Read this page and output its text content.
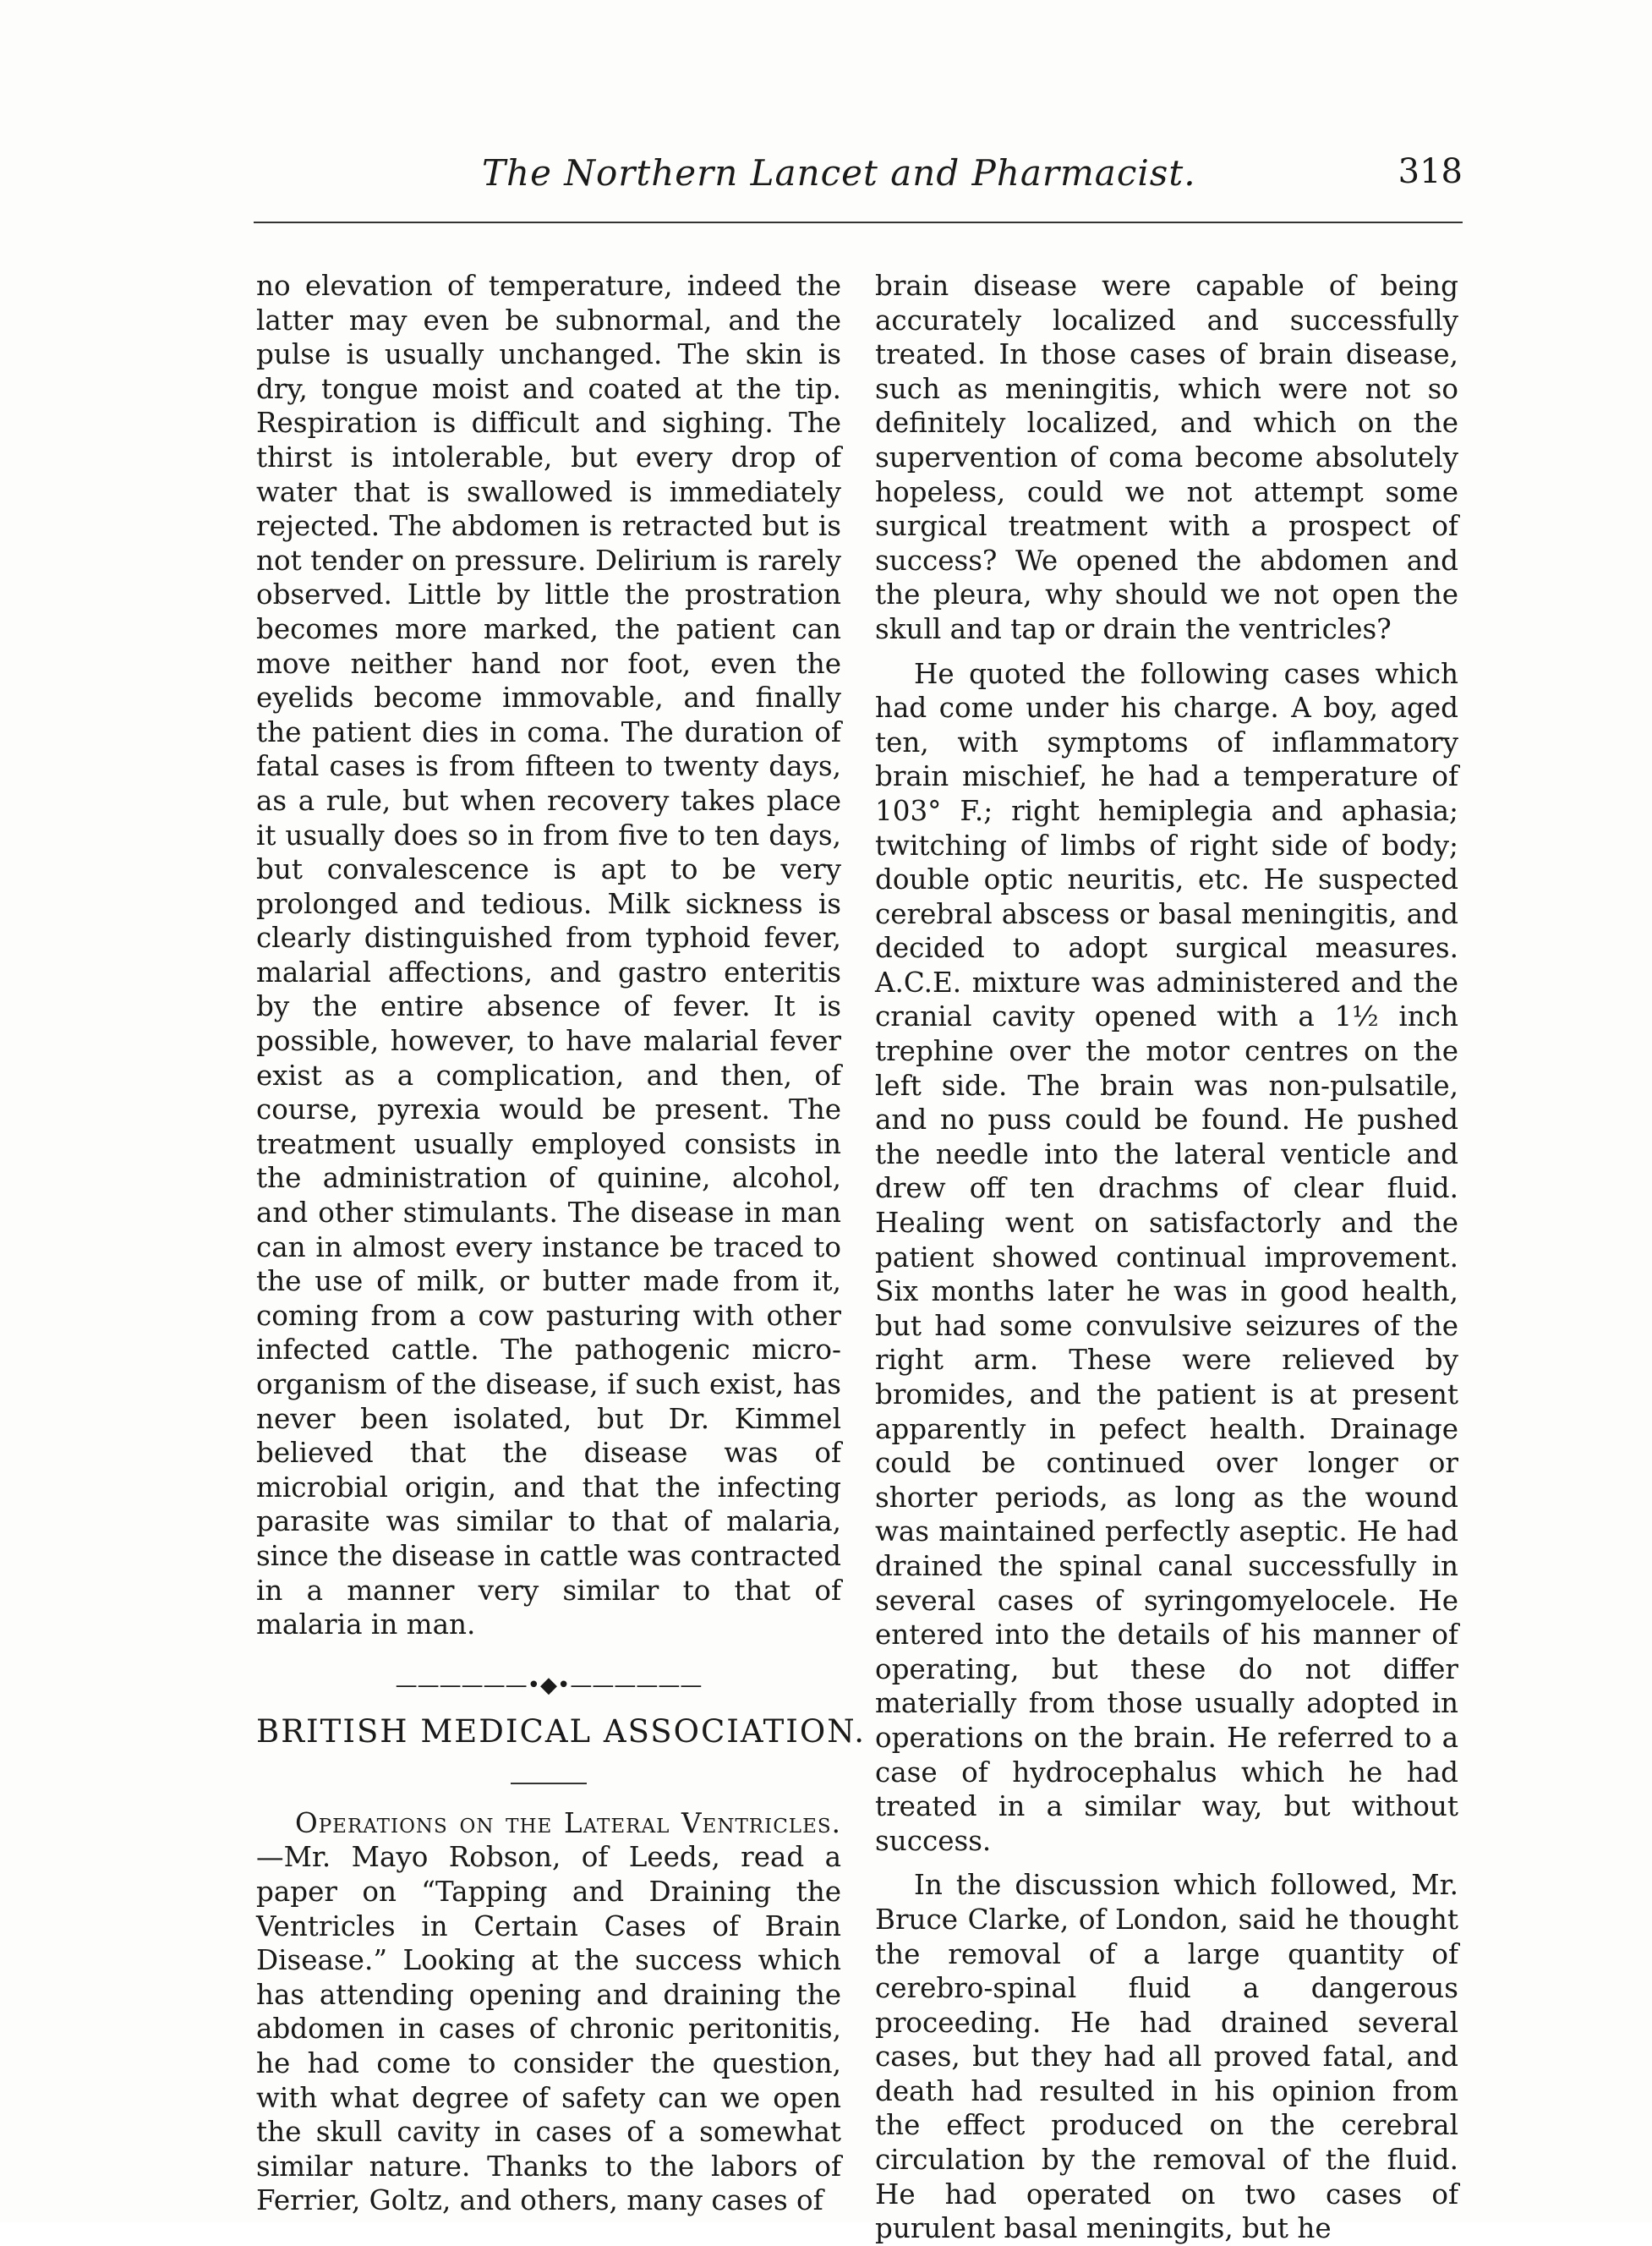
The Northern Lancet and Pharmacist.	318

no elevation of temperature, indeed the latter may even be subnormal, and the pulse is usually unchanged. The skin is dry, tongue moist and coated at the tip. Respiration is difficult and sighing. The thirst is intolerable, but every drop of water that is swallowed is immediately rejected. The abdomen is retracted but is not tender on pressure. Delirium is rarely observed. Little by little the prostration becomes more marked, the patient can move neither hand nor foot, even the eyelids become immovable, and finally the patient dies in coma. The duration of fatal cases is from fifteen to twenty days, as a rule, but when recovery takes place it usually does so in from five to ten days, but convalescence is apt to be very prolonged and tedious. Milk sickness is clearly distinguished from typhoid fever, malarial affections, and gastro enteritis by the entire absence of fever. It is possible, however, to have malarial fever exist as a complication, and then, of course, pyrexia would be present. The treatment usually employed consists in the administration of quinine, alcohol, and other stimulants. The disease in man can in almost every instance be traced to the use of milk, or butter made from it, coming from a cow pasturing with other infected cattle. The pathogenic micro-organism of the disease, if such exist, has never been isolated, but Dr. Kimmel believed that the disease was of microbial origin, and that the infecting parasite was similar to that of malaria, since the disease in cattle was contracted in a manner very similar to that of malaria in man.

——————•◆•——————
BRITISH MEDICAL ASSOCIATION.

Operations on the Lateral Ventricles.—Mr. Mayo Robson, of Leeds, read a paper on “Tapping and Draining the Ventricles in Certain Cases of Brain Disease.” Looking at the success which has attending opening and draining the abdomen in cases of chronic peritonitis, he had come to consider the question, with what degree of safety can we open the skull cavity in cases of a somewhat similar nature. Thanks to the labors of Ferrier, Goltz, and others, many cases of

brain disease were capable of being accurately localized and successfully treated. In those cases of brain disease, such as meningitis, which were not so definitely localized, and which on the supervention of coma become absolutely hopeless, could we not attempt some surgical treatment with a prospect of success? We opened the abdomen and the pleura, why should we not open the skull and tap or drain the ventricles?

He quoted the following cases which had come under his charge. A boy, aged ten, with symptoms of inflammatory brain mischief, he had a temperature of 103° F.; right hemiplegia and aphasia; twitching of limbs of right side of body; double optic neuritis, etc. He suspected cerebral abscess or basal meningitis, and decided to adopt surgical measures. A.C.E. mixture was administered and the cranial cavity opened with a 1½ inch trephine over the motor centres on the left side. The brain was non-pulsatile, and no puss could be found. He pushed the needle into the lateral venticle and drew off ten drachms of clear fluid. Healing went on satisfactorly and the patient showed continual improvement. Six months later he was in good health, but had some convulsive seizures of the right arm. These were relieved by bromides, and the patient is at present apparently in pefect health. Drainage could be continued over longer or shorter periods, as long as the wound was maintained perfectly aseptic. He had drained the spinal canal successfully in several cases of syringomyelocele. He entered into the details of his manner of operating, but these do not differ materially from those usually adopted in operations on the brain. He referred to a case of hydrocephalus which he had treated in a similar way, but without success.

In the discussion which followed, Mr. Bruce Clarke, of London, said he thought the removal of a large quantity of cerebro-spinal fluid a dangerous proceeding. He had drained several cases, but they had all proved fatal, and death had resulted in his opinion from the effect produced on the cerebral circulation by the removal of the fluid. He had operated on two cases of purulent basal meningits, but he
